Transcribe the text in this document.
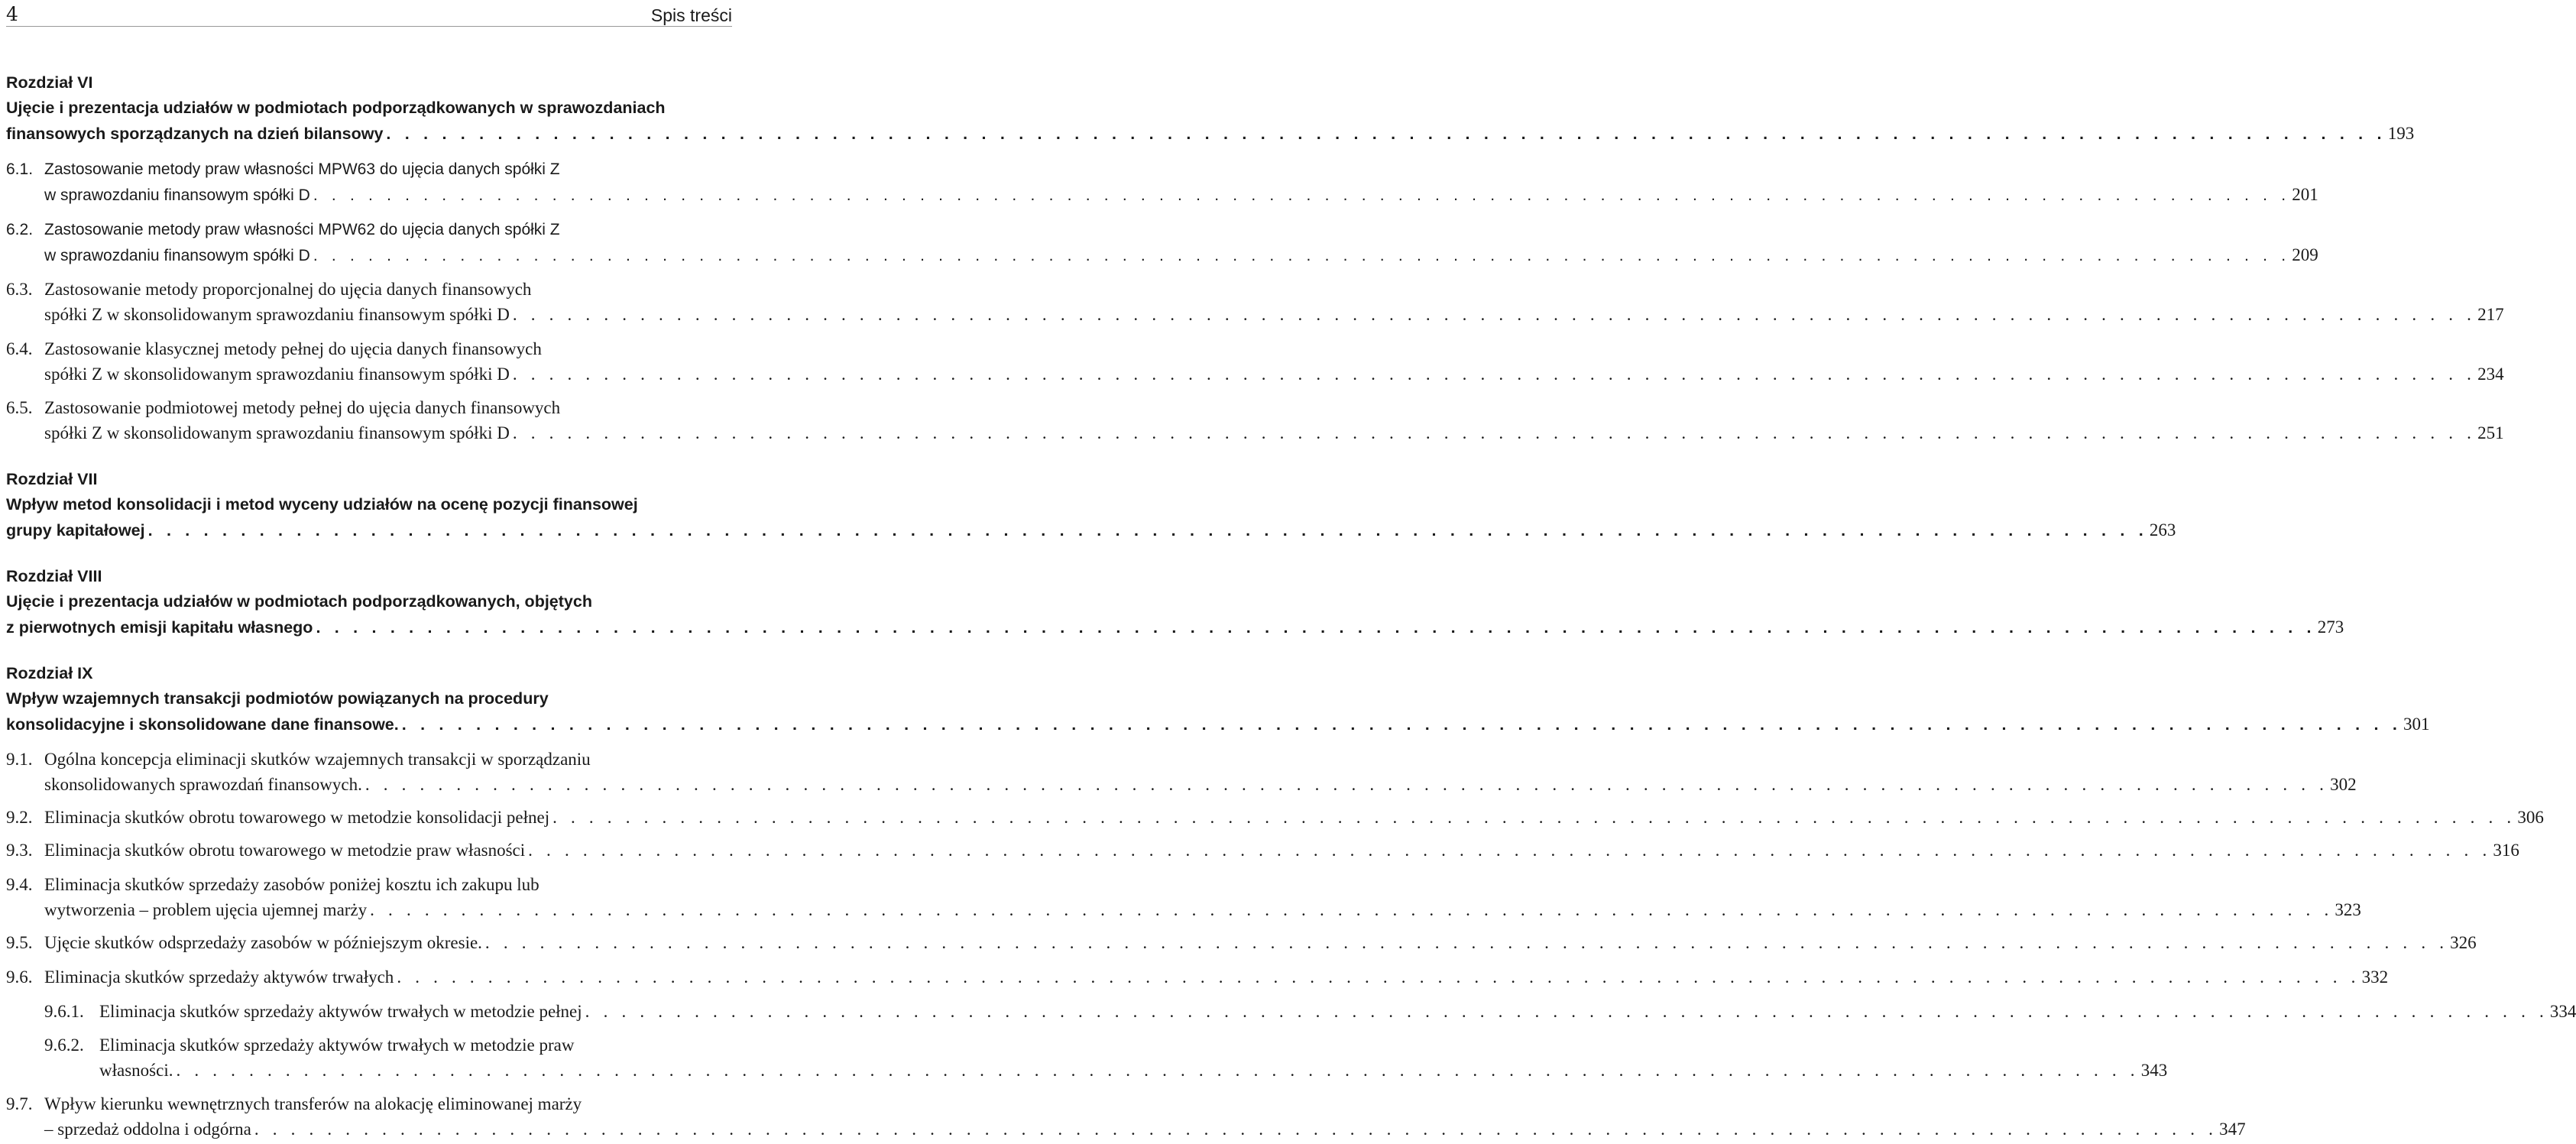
4	Spis treści
Rozdział VI
Ujęcie i prezentacja udziałów w podmiotach podporządkowanych w sprawozdaniach
finansowych sporządzanych na dzień bilansowy . . . . . . . . . . . . . . . . . . . . . . . . . . . . . . . . . . . . . . . . . . . . . . . . . . . . . . . . . . . . . . . . . . . . . . . . . . . . . . . . . . . . . . . . . . . . . . . . . . . . . . . . . . . . 193
6.1. Zastosowanie metody praw własności MPW63 do ujęcia danych spółki Z
w sprawozdaniu finansowym spółki D . . . . . . . . . . . . . . . . . . . . . . . . . . . . . . . . . . . . . . . . . . . . . . . . . . . . . . . . . . . . . . . . . . . . . . . . . . . . . . . . . . . . . . . . . . . . . . . . . . . . . . . . . . . . 201
6.2. Zastosowanie metody praw własności MPW62 do ujęcia danych spółki Z
w sprawozdaniu finansowym spółki D . . . . . . . . . . . . . . . . . . . . . . . . . . . . . . . . . . . . . . . . . . . . . . . . . . . . . . . . . . . . . . . . . . . . . . . . . . . . . . . . . . . . . . . . . . . . . . . . . . . . . . . . . . . . 209
6.3. Zastosowanie metody proporcjonalnej do ujęcia danych finansowych
spółki Z w skonsolidowanym sprawozdaniu finansowym spółki D . . . . . . . . . . . . . . . . . . . . . . . . . . . . . . . . . . . . . . . . . . . . . . . . . . . . . . . . . . . . . . . . . . . . . . . . . . . . . . . . . . . . . . . . . . . . . . . . . . . . . . . . . . . . 217
6.4. Zastosowanie klasycznej metody pełnej do ujęcia danych finansowych
spółki Z w skonsolidowanym sprawozdaniu finansowym spółki D . . . . . . . . . . . . . . . . . . . . . . . . . . . . . . . . . . . . . . . . . . . . . . . . . . . . . . . . . . . . . . . . . . . . . . . . . . . . . . . . . . . . . . . . . . . . . . . . . . . . . . . . . . . . 234
6.5. Zastosowanie podmiotowej metody pełnej do ujęcia danych finansowych
spółki Z w skonsolidowanym sprawozdaniu finansowym spółki D . . . . . . . . . . . . . . . . . . . . . . . . . . . . . . . . . . . . . . . . . . . . . . . . . . . . . . . . . . . . . . . . . . . . . . . . . . . . . . . . . . . . . . . . . . . . . . . . . . . . . . . . . . . . 251
Rozdział VII
Wpływ metod konsolidacji i metod wyceny udziałów na ocenę pozycji finansowej
grupy kapitałowej . . . . . . . . . . . . . . . . . . . . . . . . . . . . . . . . . . . . . . . . . . . . . . . . . . . . . . . . . . . . . . . . . . . . . . . . . . . . . . . . . . . . . . . . . . . . . . . . . . . . . . . . . . . . 263
Rozdział VIII
Ujęcie i prezentacja udziałów w podmiotach podporządkowanych, objętych
z pierwotnych emisji kapitału własnego . . . . . . . . . . . . . . . . . . . . . . . . . . . . . . . . . . . . . . . . . . . . . . . . . . . . . . . . . . . . . . . . . . . . . . . . . . . . . . . . . . . . . . . . . . . . . . . . . . . . . . . . . . . . 273
Rozdział IX
Wpływ wzajemnych transakcji podmiotów powiązanych na procedury
konsolidacyjne i skonsolidowane dane finansowe. . . . . . . . . . . . . . . . . . . . . . . . . . . . . . . . . . . . . . . . . . . . . . . . . . . . . . . . . . . . . . . . . . . . . . . . . . . . . . . . . . . . . . . . . . . . . . . . . . . . . . . . . . . . . 301
9.1. Ogólna koncepcja eliminacji skutków wzajemnych transakcji w sporządzaniu
skonsolidowanych sprawozdań finansowych. . . . . . . . . . . . . . . . . . . . . . . . . . . . . . . . . . . . . . . . . . . . . . . . . . . . . . . . . . . . . . . . . . . . . . . . . . . . . . . . . . . . . . . . . . . . . . . . . . . . . . . . . . . . . 302
9.2. Eliminacja skutków obrotu towarowego w metodzie konsolidacji pełnej . . . . . . . . . . . . . . . . . . . . . . . . . . . . . . . . . . . . . . . . . . . . . . . . . . . . . . . . . . . . . . . . . . . . . . . . . . . . . . . . . . . . . . . . . . . . . . . . . . . . . . . . . . . . 306
9.3. Eliminacja skutków obrotu towarowego w metodzie praw własności . . . . . . . . . . . . . . . . . . . . . . . . . . . . . . . . . . . . . . . . . . . . . . . . . . . . . . . . . . . . . . . . . . . . . . . . . . . . . . . . . . . . . . . . . . . . . . . . . . . . . . . . . . . . 316
9.4. Eliminacja skutków sprzedaży zasobów poniżej kosztu ich zakupu lub
wytworzenia – problem ujęcia ujemnej marży . . . . . . . . . . . . . . . . . . . . . . . . . . . . . . . . . . . . . . . . . . . . . . . . . . . . . . . . . . . . . . . . . . . . . . . . . . . . . . . . . . . . . . . . . . . . . . . . . . . . . . . . . . . . 323
9.5. Ujęcie skutków odsprzedaży zasobów w późniejszym okresie. . . . . . . . . . . . . . . . . . . . . . . . . . . . . . . . . . . . . . . . . . . . . . . . . . . . . . . . . . . . . . . . . . . . . . . . . . . . . . . . . . . . . . . . . . . . . . . . . . . . . . . . . . . . . 326
9.6. Eliminacja skutków sprzedaży aktywów trwałych . . . . . . . . . . . . . . . . . . . . . . . . . . . . . . . . . . . . . . . . . . . . . . . . . . . . . . . . . . . . . . . . . . . . . . . . . . . . . . . . . . . . . . . . . . . . . . . . . . . . . . . . . . . . 332
9.6.1. Eliminacja skutków sprzedaży aktywów trwałych w metodzie pełnej . . . . . . . . . . . . . . . . . . . . . . . . . . . . . . . . . . . . . . . . . . . . . . . . . . . . . . . . . . . . . . . . . . . . . . . . . . . . . . . . . . . . . . . . . . . . . . . . . . . . . . . . . . . . 334
9.6.2. Eliminacja skutków sprzedaży aktywów trwałych w metodzie praw
własności. . . . . . . . . . . . . . . . . . . . . . . . . . . . . . . . . . . . . . . . . . . . . . . . . . . . . . . . . . . . . . . . . . . . . . . . . . . . . . . . . . . . . . . . . . . . . . . . . . . . . . . . . . . . . 343
9.7. Wpływ kierunku wewnętrznych transferów na alokację eliminowanej marży
– sprzedaż oddolna i odgórna . . . . . . . . . . . . . . . . . . . . . . . . . . . . . . . . . . . . . . . . . . . . . . . . . . . . . . . . . . . . . . . . . . . . . . . . . . . . . . . . . . . . . . . . . . . . . . . . . . . . . . . . . . . . 347
